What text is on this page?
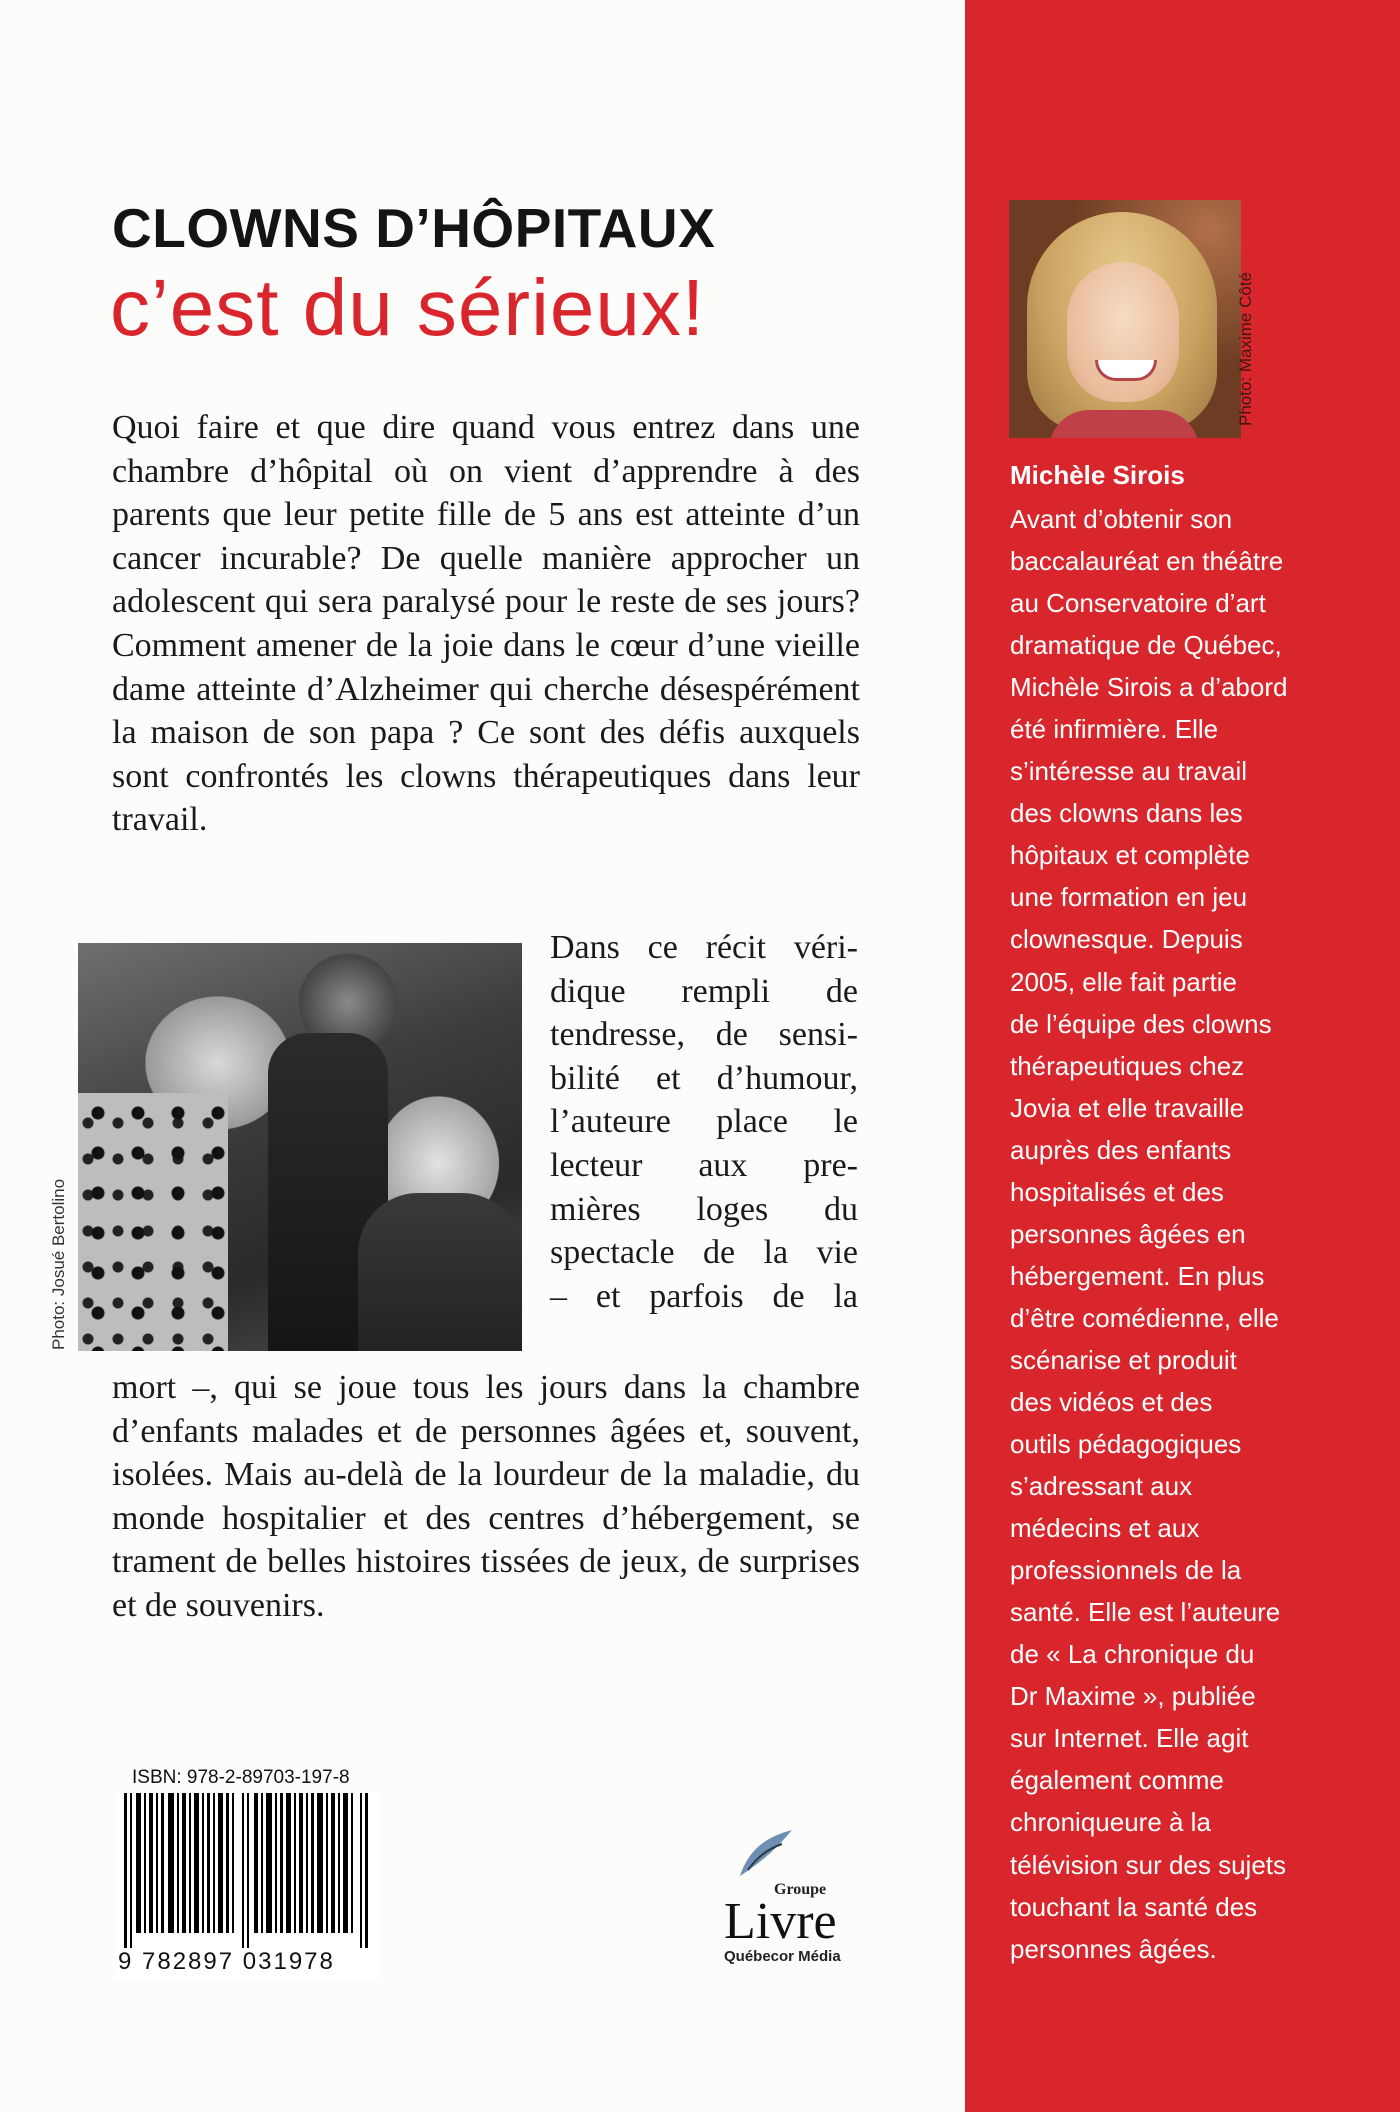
CLOWNS D’HÔPITAUX
c’est du sérieux!
Quoi faire et que dire quand vous entrez dans une chambre d’hôpital où on vient d’apprendre à des parents que leur petite fille de 5 ans est atteinte d’un cancer incurable? De quelle manière approcher un adolescent qui sera paralysé pour le reste de ses jours? Comment amener de la joie dans le cœur d’une vieille dame atteinte d’Alzheimer qui cherche désespérément la maison de son papa ? Ce sont des défis auxquels sont confrontés les clowns thérapeutiques dans leur travail.
Dans ce récit véri-
dique rempli de
tendresse, de sensi-
bilité et d’humour,
l’auteure place le
lecteur aux pre-
mières loges du
spectacle de la vie
– et parfois de la
mort –, qui se joue tous les jours dans la chambre d’enfants malades et de personnes âgées et, souvent, isolées. Mais au-delà de la lourdeur de la maladie, du monde hospitalier et des centres d’hébergement, se trament de belles histoires tissées de jeux, de surprises et de souvenirs.
ISBN: 978-2-89703-197-8
9 782897 031978
Groupe
Livre
Québecor Média
Michèle Sirois
Avant d’obtenir son
baccalauréat en théâtre
au Conservatoire d’art
dramatique de Québec,
Michèle Sirois a d’abord
été infirmière. Elle
s’intéresse au travail
des clowns dans les
hôpitaux et complète
une formation en jeu
clownesque. Depuis
2005, elle fait partie
de l’équipe des clowns
thérapeutiques chez
Jovia et elle travaille
auprès des enfants
hospitalisés et des
personnes âgées en
hébergement. En plus
d’être comédienne, elle
scénarise et produit
des vidéos et des
outils pédagogiques
s’adressant aux
médecins et aux
professionnels de la
santé. Elle est l’auteure
de « La chronique du
Dr Maxime », publiée
sur Internet. Elle agit
également comme
chroniqueure à la
télévision sur des sujets
touchant la santé des
personnes âgées.
